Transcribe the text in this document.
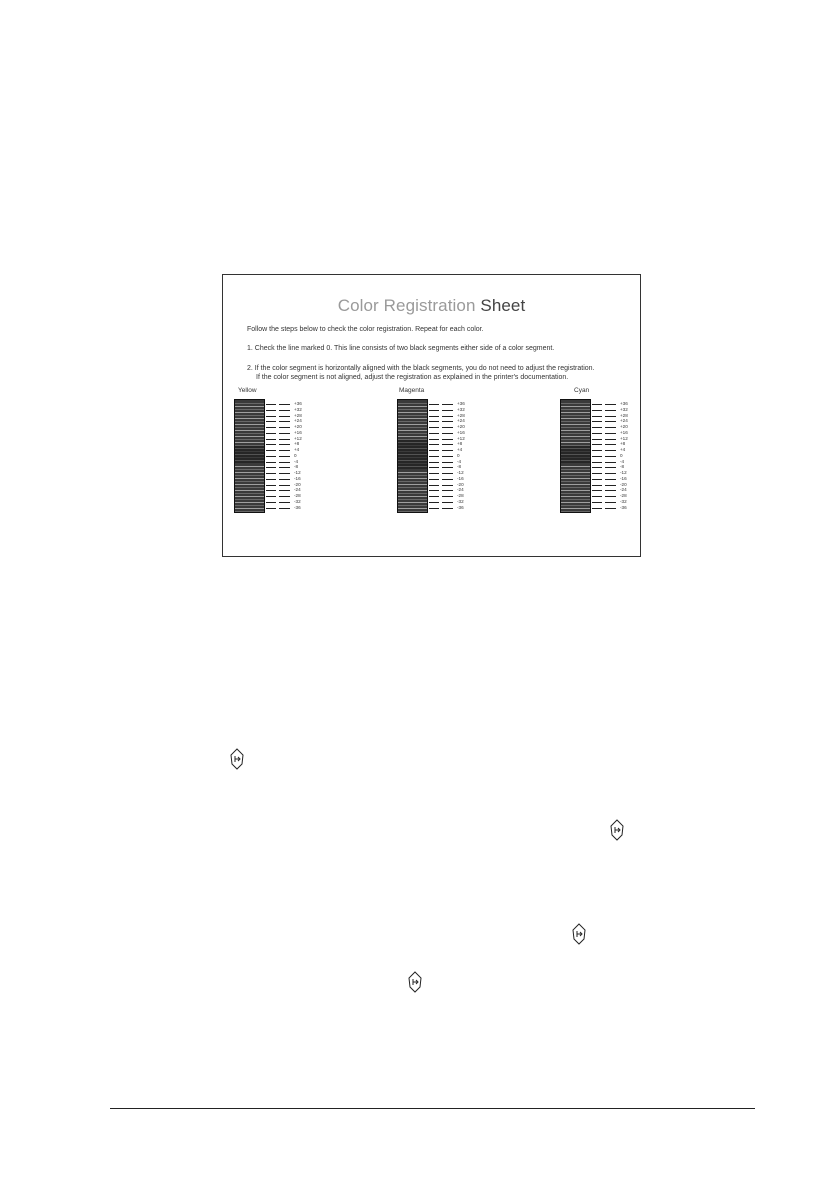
Color Registration Sheet
Follow the steps below to check the color registration. Repeat for each color.
1. Check the line marked 0. This line consists of two black segments either side of a color segment.
2. If the color segment is horizontally aligned with the black segments, you do not need to adjust the registration.
If the color segment is not aligned, adjust the registration as explained in the printer's documentation.
Yellow	Magenta	Cyan
+36
+32
+28
+24
+20
+16
+12
+8
+4
0
-4
-8
-12
-16
-20
-24
-28
-32
-36
+36
+32
+28
+24
+20
+16
+12
+8
+4
0
-4
-8
-12
-16
-20
-24
-28
-32
-36
+36
+32
+28
+24
+20
+16
+12
+8
+4
0
-4
-8
-12
-16
-20
-24
-28
-32
-36
